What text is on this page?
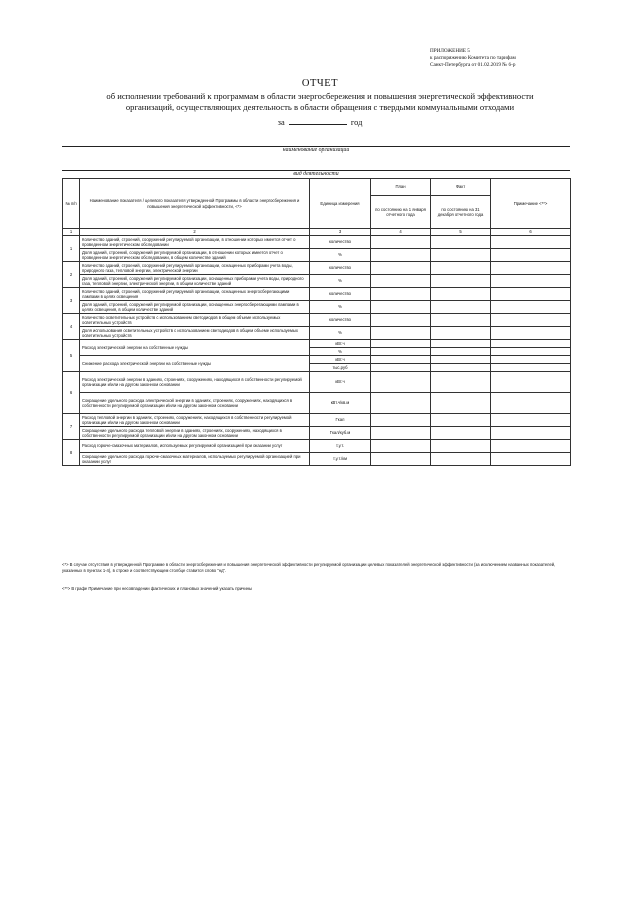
ПРИЛОЖЕНИЕ 5
к распоряжению Комитета по тарифам
Санкт-Петербурга от 01.02.2019 № 6-р
ОТЧЕТ
об исполнении требований к программам в области энергосбережения и повышения энергетической эффективности
организаций, осуществляющих деятельность в области обращения с твердыми коммунальными отходами
за	год
наименование организации
вид деятельности
№ п/п	Наименование показателя / целевого показателя утвержденной Программы в области энергосбережения и повышения энергетической эффективности, <*>	Единица измерения	План	Факт	Примечание <**>
			по состоянию на 1 января отчетного года	по состоянию на 31 декабря отчетного года	
1	2	3	4	5	6
1	Количество зданий, строений, сооружений регулируемой организации, в отношении которых имеется отчет о проведенном энергетическом обследовании	количество			
	Доля зданий, строений, сооружений регулируемой организации, в отношении которых имеется отчет о проведенном энергетическом обследовании, в общем количестве зданий	%			
2	Количество зданий, строений, сооружений регулируемой организации, оснащенных приборами учета воды, природного газа, тепловой энергии, электрической энергии	количество			
	Доля зданий, строений, сооружений регулируемой организации, оснащенных приборами учета воды, природного газа, тепловой энергии, электрической энергии, в общем количестве зданий	%			
3	Количество зданий, строений, сооружений регулируемой организации, оснащенных энергосберегающими лампами в целях освещения	количество			
	Доля зданий, строений, сооружений регулируемой организации, оснащенных энергосберегающими лампами в целях освещения, в общем количестве зданий	%			
4	Количество осветительных устройств с использованием светодиодов в общем объеме используемых осветительных устройств	количество			
	Доля использования осветительных устройств с использованием светодиодов в общем объеме используемых осветительных устройств	%			
5	Расход электрической энергии на собственные нужды	кВт.ч			
		%			
	Снижение расхода электрической энергии на собственные нужды	кВт.ч			
		тыс.руб			
6	Расход электрической энергии в зданиях, строениях, сооружениях, находящихся в собственности регулируемой организации и/или на другом законном основании	кВт.ч			
	Сокращение удельного расхода электрической энергии в зданиях, строениях, сооружениях, находящихся в собственности регулируемой организации и/или на другом законном основании	кВт.ч/кв.м			
7	Расход тепловой энергии в зданиях, строениях, сооружениях, находящихся в собственности регулируемой организации и/или на другом законном основании	Гкал			
	Сокращение удельного расхода тепловой энергии в зданиях, строениях, сооружениях, находящихся в собственности регулируемой организации и/или на другом законном основании	Гкал/куб.м			
8	Расход горюче-смазочных материалов, используемых регулируемой организацией при оказании услуг	т.у.т.			
	Сокращение удельного расхода горюче-смазочных материалов, используемых регулируемой организацией при оказании услуг	т.у.т./км			
<*> В случае отсутствия в утвержденной Программе в области энергосбережения и повышения энергетической эффективности регулируемой организации целевых показателей энергетической эффективности (за исключением названных показателей, указанных в пунктах 1-4), в строке и соответствующем столбце ставится слово "нд".
<**> В графе Примечание при несовпадении фактических и плановых значений указать причины
